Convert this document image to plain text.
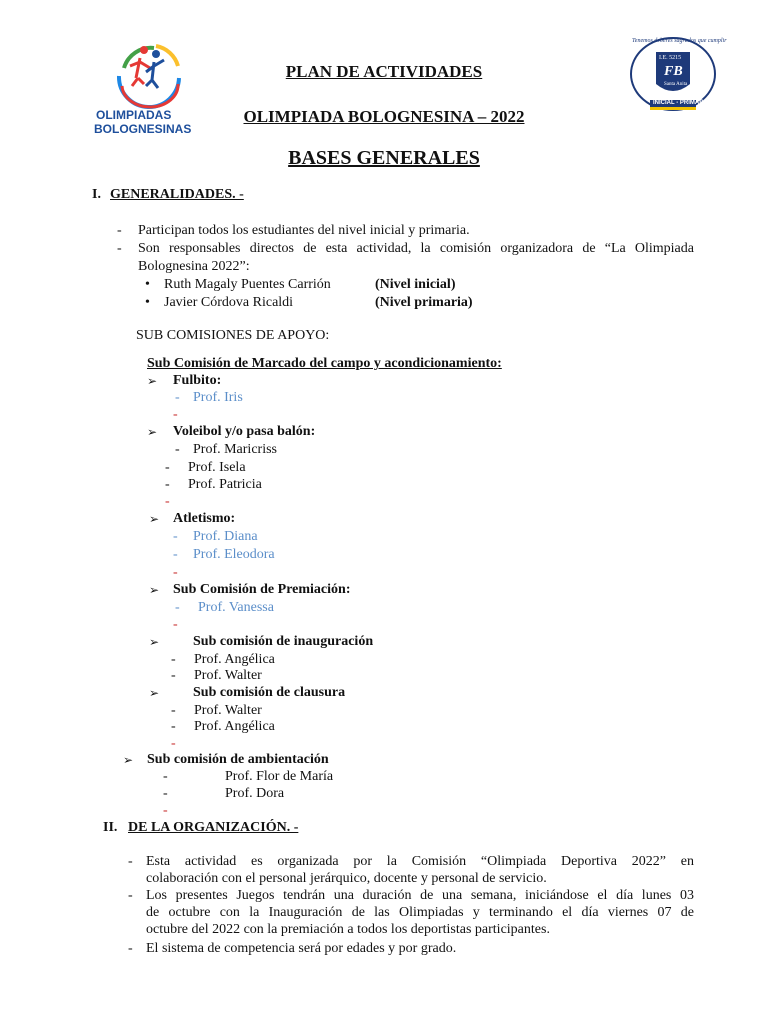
OLIMPIADAS
BOLOGNESINAS
I.E. 5215
FB
Santa Anita
INICIAL - PRIMARIA
Tenemos deberes sagrados que cumplir
PLAN DE ACTIVIDADES
OLIMPIADA BOLOGNESINA – 2022
BASES GENERALES
I. GENERALIDADES. -
- Participan todos los estudiantes del nivel inicial y primaria.
- Son responsables directos de esta actividad, la comisión organizadora de “La Olimpiada
Bolognesina 2022”:
• Ruth Magaly Puentes Carrión	(Nivel inicial)
• Javier Córdova Ricaldi	(Nivel primaria)
SUB COMISIONES DE APOYO:
Sub Comisión de Marcado del campo y acondicionamiento:
➢ Fulbito:
- Prof. Iris
-
➢ Voleibol y/o pasa balón:
- Prof. Maricriss
- Prof. Isela
- Prof. Patricia
-
➢ Atletismo:
- Prof. Diana
- Prof. Eleodora
-
➢ Sub Comisión de Premiación:
- Prof. Vanessa
-
➢ Sub comisión de inauguración
- Prof. Angélica
- Prof. Walter
➢ Sub comisión de clausura
- Prof. Walter
- Prof. Angélica
-
➢ Sub comisión de ambientación
-	Prof. Flor de María
-	Prof. Dora
-
II. DE LA ORGANIZACIÓN. -
- Esta actividad es organizada por la Comisión “Olimpiada Deportiva 2022” en
colaboración con el personal jerárquico, docente y personal de servicio.
- Los presentes Juegos tendrán una duración de una semana, iniciándose el día lunes 03
de octubre con la Inauguración de las Olimpiadas y terminando el día viernes 07 de
octubre del 2022 con la premiación a todos los deportistas participantes.
- El sistema de competencia será por edades y por grado.
